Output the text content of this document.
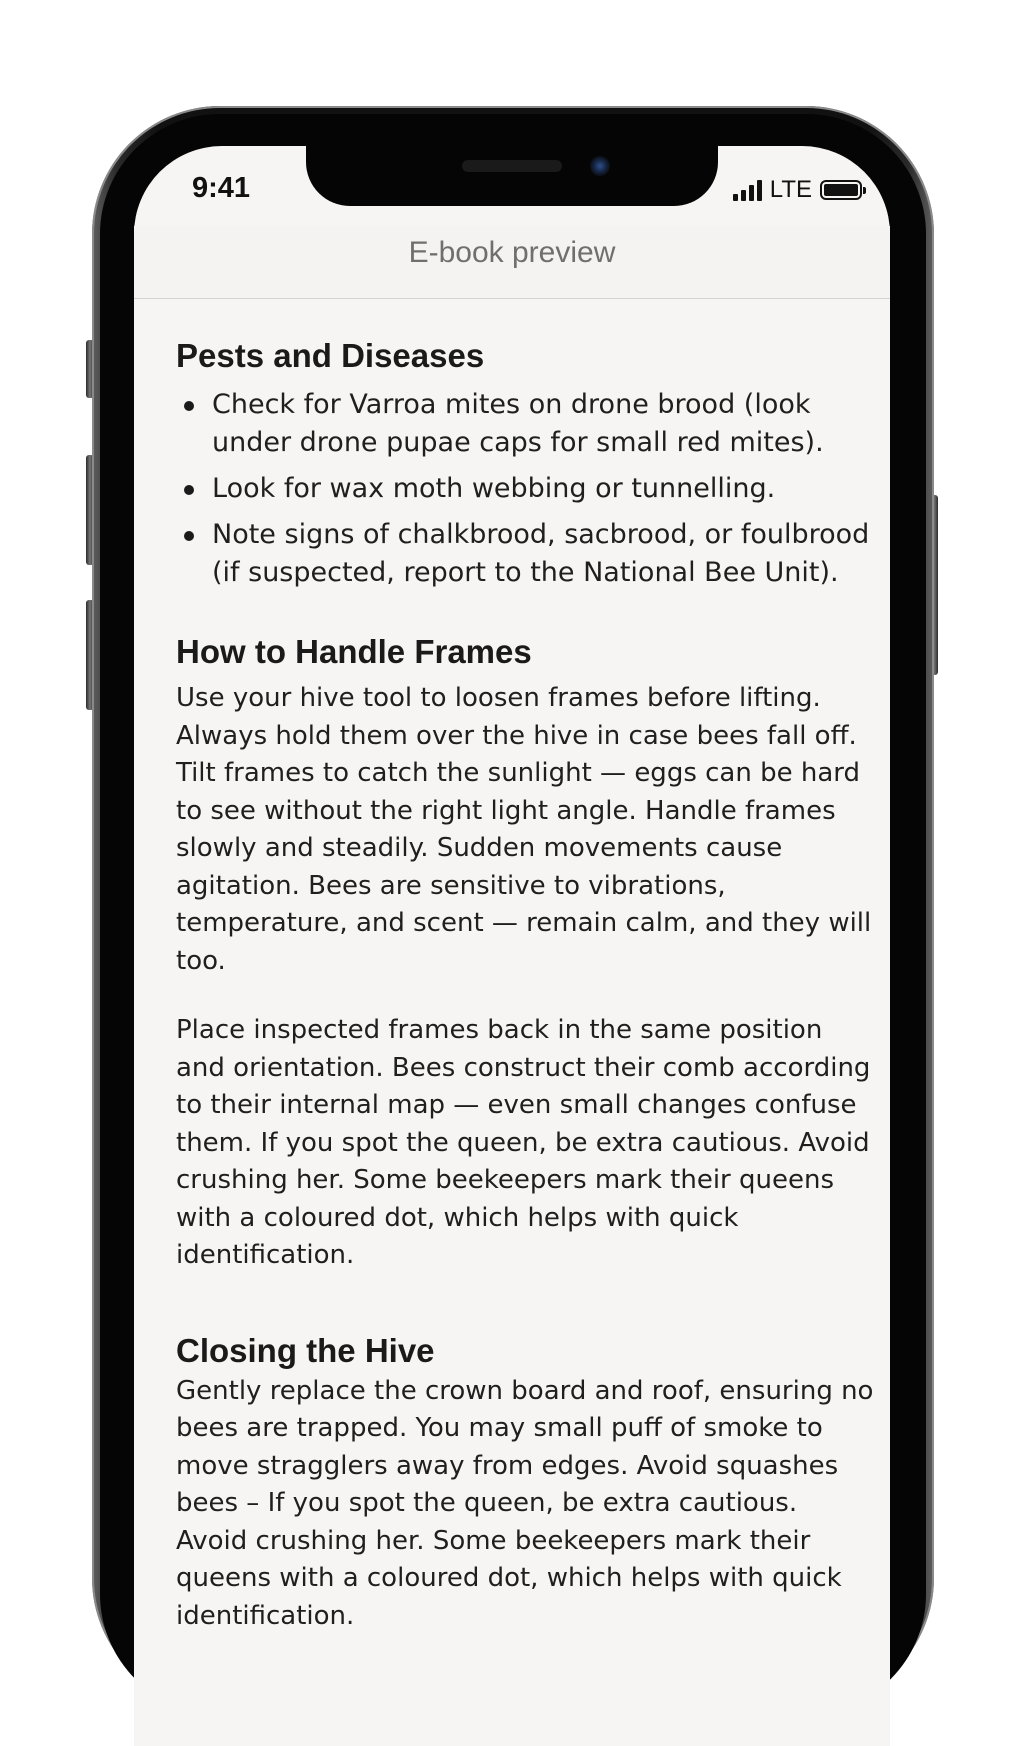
9:41	LTE
E-book preview
Pests and Diseases
Check for Varroa mites on drone brood (look under drone pupae caps for small red mites).
Look for wax moth webbing or tunnelling.
Note signs of chalkbrood, sacbrood, or foulbrood (if suspected, report to the National Bee Unit).
How to Handle Frames

Use your hive tool to loosen frames before lifting. Always hold them over the hive in case bees fall off. Tilt frames to catch the sunlight — eggs can be hard to see without the right light angle. Handle frames slowly and steadily. Sudden movements cause agitation. Bees are sensitive to vibrations, temperature, and scent — remain calm, and they will too.

Place inspected frames back in the same position and orientation. Bees construct their comb according to their internal map — even small changes confuse them. If you spot the queen, be extra cautious. Avoid crushing her. Some beekeepers mark their queens with a coloured dot, which helps with quick identification.

Closing the Hive

Gently replace the crown board and roof, ensuring no bees are trapped. You may small puff of smoke to move stragglers away from edges. Avoid squashes bees – If you spot the queen, be extra cautious. Avoid crushing her. Some beekeepers mark their queens with a coloured dot, which helps with quick identification.
